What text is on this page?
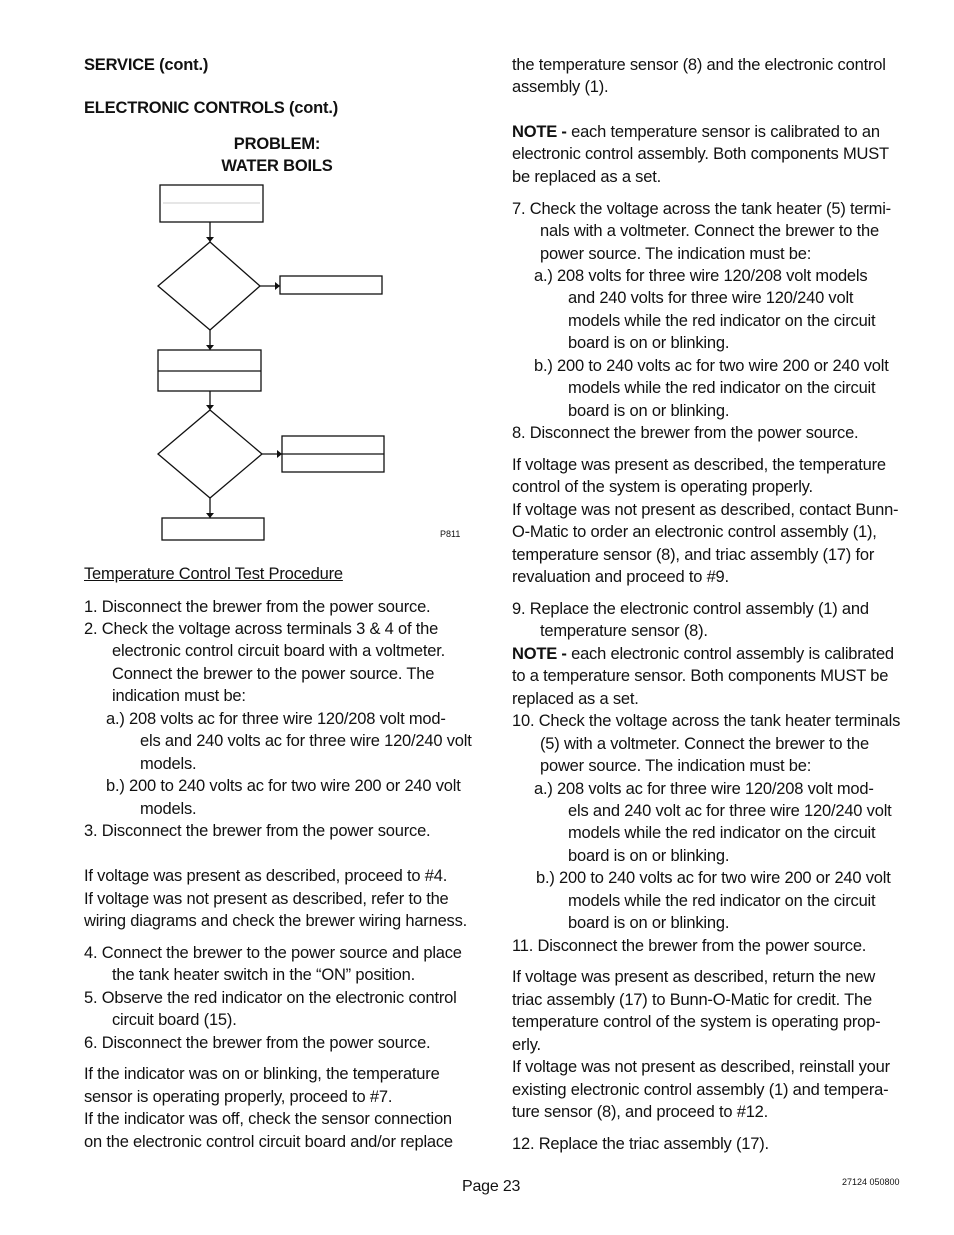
SERVICE (cont.)
ELECTRONIC CONTROLS (cont.)
PROBLEM:
WATER BOILS
Temperature Control Test Procedure
1. Disconnect the brewer from the power source.
2. Check the voltage across terminals 3 & 4 of the
electronic control circuit board with a voltmeter.
Connect the brewer to the power source. The
indication must be:
a.) 208 volts ac for three wire 120/208 volt mod-
els and 240 volts ac for three wire 120/240 volt
models.
b.) 200 to 240 volts ac for two wire 200 or 240 volt
models.
3. Disconnect the brewer from the power source.
If voltage was present as described, proceed to #4.
If voltage was not present as described, refer to the
wiring diagrams and check the brewer wiring harness.
4. Connect the brewer to the power source and place
the tank heater switch in the “ON” position.
5. Observe the red indicator on the electronic control
circuit board (15).
6. Disconnect the brewer from the power source.
If the indicator was on or blinking, the temperature
sensor is operating properly, proceed to #7.
If the indicator was off, check the sensor connection
on the electronic control circuit board and/or replace
P811
the temperature sensor (8) and the electronic control
assembly (1).
NOTE - each temperature sensor is calibrated to an
electronic control assembly. Both components MUST
be replaced as a set.
7. Check the voltage across the tank heater (5) termi-
nals with a voltmeter. Connect the brewer to the
power source. The indication must be:
a.) 208 volts for three wire 120/208 volt models
and 240 volts for three wire 120/240 volt
models while the red indicator on the circuit
board is on or blinking.
b.) 200 to 240 volts ac for two wire 200 or 240 volt
models while the red indicator on the circuit
board is on or blinking.
8. Disconnect the brewer from the power source.
If voltage was present as described, the temperature
control of the system is operating properly.
If voltage was not present as described, contact Bunn-
O-Matic to order an electronic control assembly (1),
temperature sensor (8), and triac assembly (17) for
revaluation and proceed to #9.
9. Replace the electronic control assembly (1) and
temperature sensor (8).
NOTE - each electronic control assembly is calibrated
to a temperature sensor. Both components MUST be
replaced as a set.
10. Check the voltage across the tank heater terminals
(5) with a voltmeter. Connect the brewer to the
power source. The indication must be:
a.) 208 volts ac for three wire 120/208 volt mod-
els and 240 volt ac for three wire 120/240 volt
models while the red indicator on the circuit
board is on or blinking.
b.) 200 to 240 volts ac for two wire 200 or 240 volt
models while the red indicator on the circuit
board is on or blinking.
11. Disconnect the brewer from the power source.
If voltage was present as described, return the new
triac assembly (17) to Bunn-O-Matic for credit. The
temperature control of the system is operating prop-
erly.
If voltage was not present as described, reinstall your
existing electronic control assembly (1) and tempera-
ture sensor (8), and proceed to #12.
12. Replace the triac assembly (17).
Page 23	27124 050800
